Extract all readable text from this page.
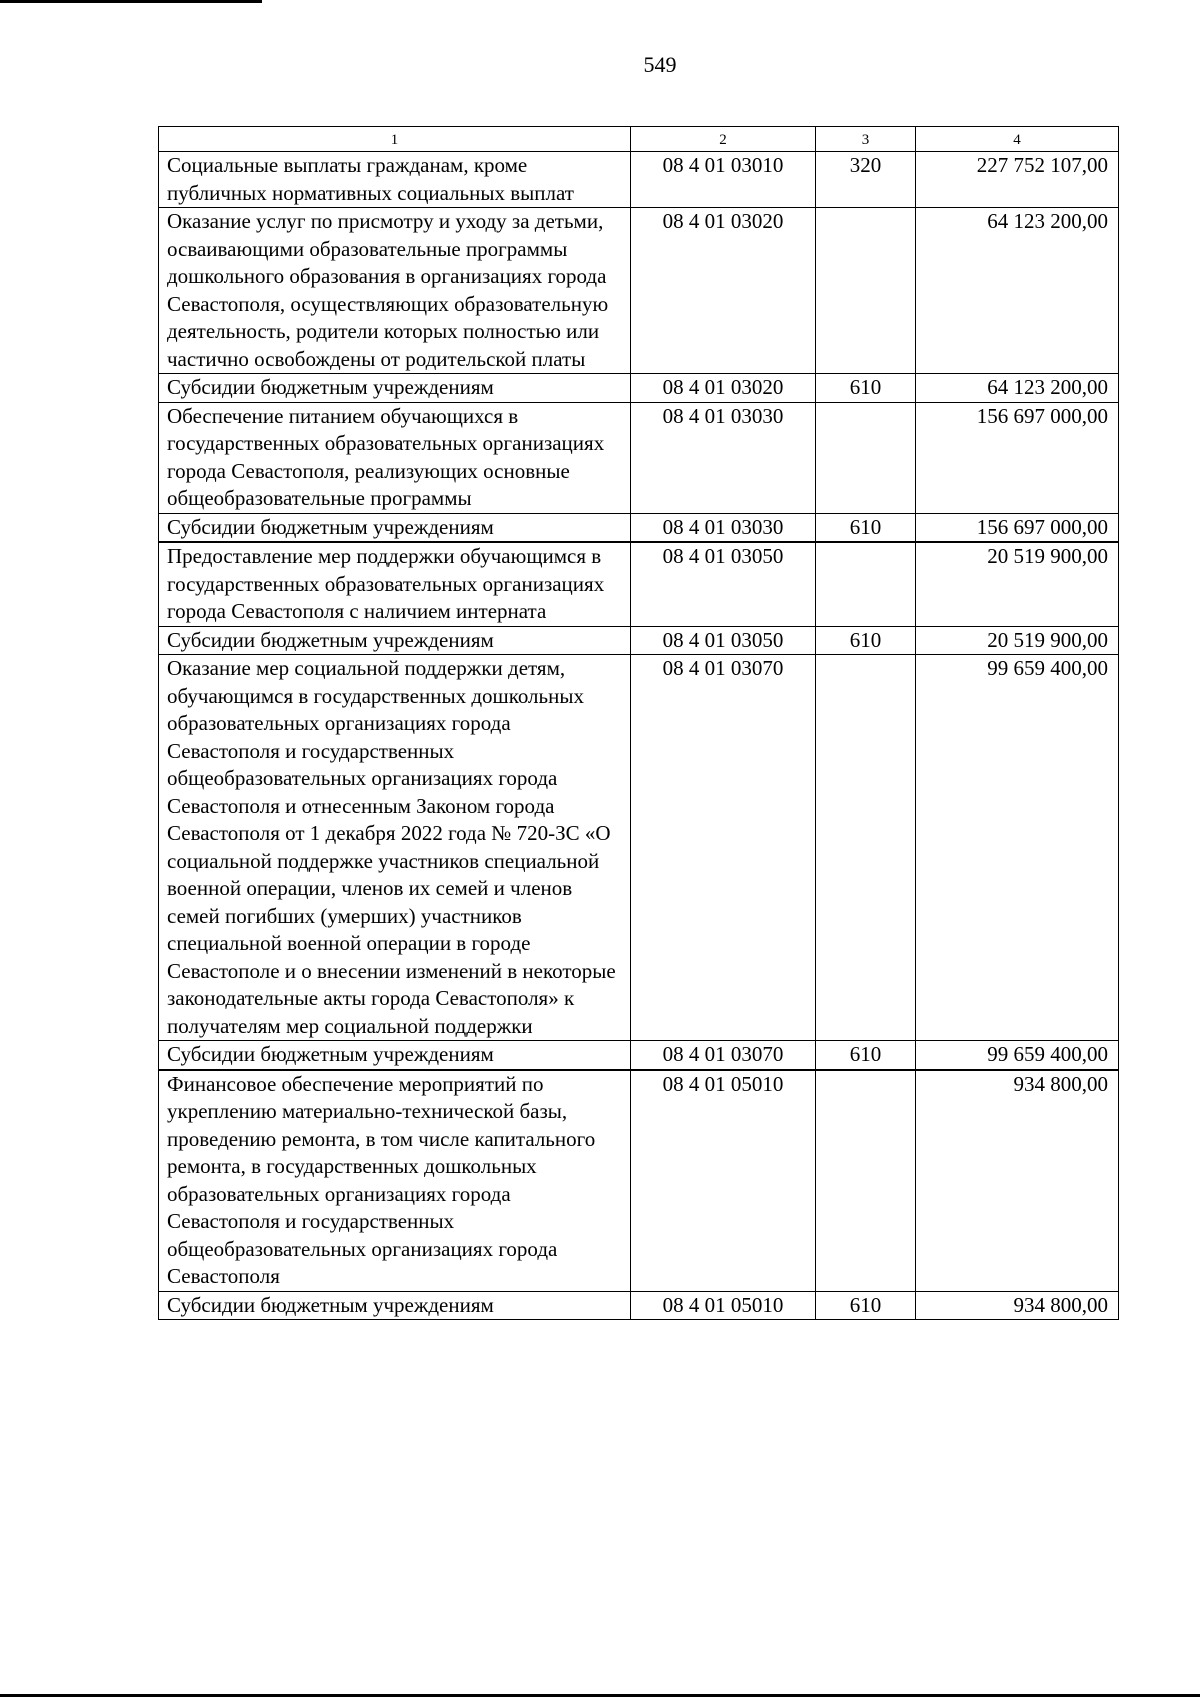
549
1	2	3	4
Социальные выплаты гражданам, кроме публичных нормативных социальных выплат	08 4 01 03010	320	227 752 107,00
Оказание услуг по присмотру и уходу за детьми, осваивающими образовательные программы дошкольного образования в организациях города Севастополя, осуществляющих образовательную деятельность, родители которых полностью или частично освобождены от родительской платы	08 4 01 03020		64 123 200,00
Субсидии бюджетным учреждениям	08 4 01 03020	610	64 123 200,00
Обеспечение питанием обучающихся в государственных образовательных организациях города Севастополя, реализующих основные общеобразовательные программы	08 4 01 03030		156 697 000,00
Субсидии бюджетным учреждениям	08 4 01 03030	610	156 697 000,00
Предоставление мер поддержки обучающимся в государственных образовательных организациях города Севастополя с наличием интерната	08 4 01 03050		20 519 900,00
Субсидии бюджетным учреждениям	08 4 01 03050	610	20 519 900,00
Оказание мер социальной поддержки детям, обучающимся в государственных дошкольных образовательных организациях города Севастополя и государственных общеобразовательных организациях города Севастополя и отнесенным Законом города Севастополя от 1 декабря 2022 года № 720-ЗС «О социальной поддержке участников специальной военной операции, членов их семей и членов семей погибших (умерших) участников специальной военной операции в городе Севастополе и о внесении изменений в некоторые законодательные акты города Севастополя» к получателям мер социальной поддержки	08 4 01 03070		99 659 400,00
Субсидии бюджетным учреждениям	08 4 01 03070	610	99 659 400,00
Финансовое обеспечение мероприятий по укреплению материально-технической базы, проведению ремонта, в том числе капитального ремонта, в государственных дошкольных образовательных организациях города Севастополя и государственных общеобразовательных организациях города Севастополя	08 4 01 05010		934 800,00
Субсидии бюджетным учреждениям	08 4 01 05010	610	934 800,00
